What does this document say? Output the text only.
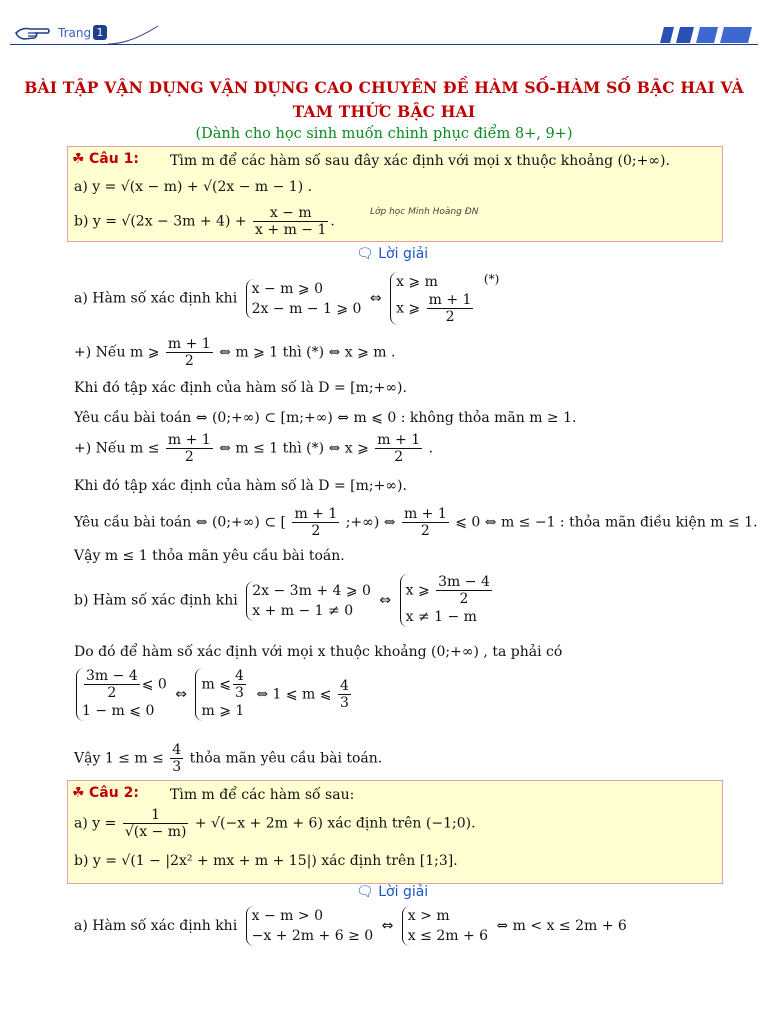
Trang 1
BÀI TẬP VẬN DỤNG VẬN DỤNG CAO CHUYÊN ĐỀ HÀM SỐ-HÀM SỐ BẬC HAI VÀ
TAM THỨC BẬC HAI
(Dành cho học sinh muốn chinh phục điểm 8+, 9+)
☘ Câu 1: Tìm m để các hàm số sau đây xác định với mọi x thuộc khoảng (0;+∞).
a) y = √(x − m) + √(2x − m − 1) .
b) $y = √(2x - 3m + 4) + \frac{x - m}{x + m - 1}$ .
Lớp học Minh Hoàng ĐN
🗨 Lời giải
a) Hàm số xác định khi
x − m ⩾ 0
2x − m − 1 ⩾ 0
⇔
x ⩾ m
x ⩾ $\frac{m + 1}{2}$
(*)
+) Nếu m ⩾ $\frac{m + 1}{2}$ ⇔ m ⩾ 1 thì (*) ⇔ x ⩾ m .
Khi đó tập xác định của hàm số là D = [m;+∞).
Yêu cầu bài toán ⇔ (0;+∞) ⊂ [m;+∞) ⇔ m ⩽ 0 : không thỏa mãn m ≥ 1.
+) Nếu $m \le \frac{m + 1}{2}$ ⇔ m ≤ 1 thì (*) ⇔ x ⩾ $\frac{m + 1}{2}$ .
Khi đó tập xác định của hàm số là D = [m;+∞).
Yêu cầu bài toán ⇔ (0;+∞) ⊂ [ $\frac{m + 1}{2}$ ;+∞) ⇔ $\frac{m + 1}{2}$ ⩽ 0 ⇔ m ≤ −1 : thỏa mãn điều kiện m ≤ 1.
Vậy m ≤ 1 thỏa mãn yêu cầu bài toán.
b) Hàm số xác định khi
2x − 3m + 4 ⩾ 0
x + m − 1 ≠ 0
⇔
x ⩾ $\frac{3m - 4}{2}$
x ≠ 1 − m
Do đó để hàm số xác định với mọi x thuộc khoảng (0;+∞) , ta phải có
$\frac{3m - 4}{2}$ ⩽ 0
1 − m ⩽ 0
⇔
m ⩽ $\frac{4}{3}$
m ⩾ 1
⇔ 1 ⩽ m ⩽ $\frac{4}{3}$
Vậy $1 \le m \le \frac{4}{3}$ thỏa mãn yêu cầu bài toán.
☘ Câu 2: Tìm m để các hàm số sau:
a) $y = \frac{1}{√(x - m)} + √(-x + 2m + 6)$ xác định trên (−1;0).
b) y = √(1 − |2x² + mx + m + 15|) xác định trên [1;3].
🗨 Lời giải
a) Hàm số xác định khi
x − m > 0
−x + 2m + 6 ≥ 0
⇔
x > m
x ≤ 2m + 6
⇔ m < x ≤ 2m + 6
